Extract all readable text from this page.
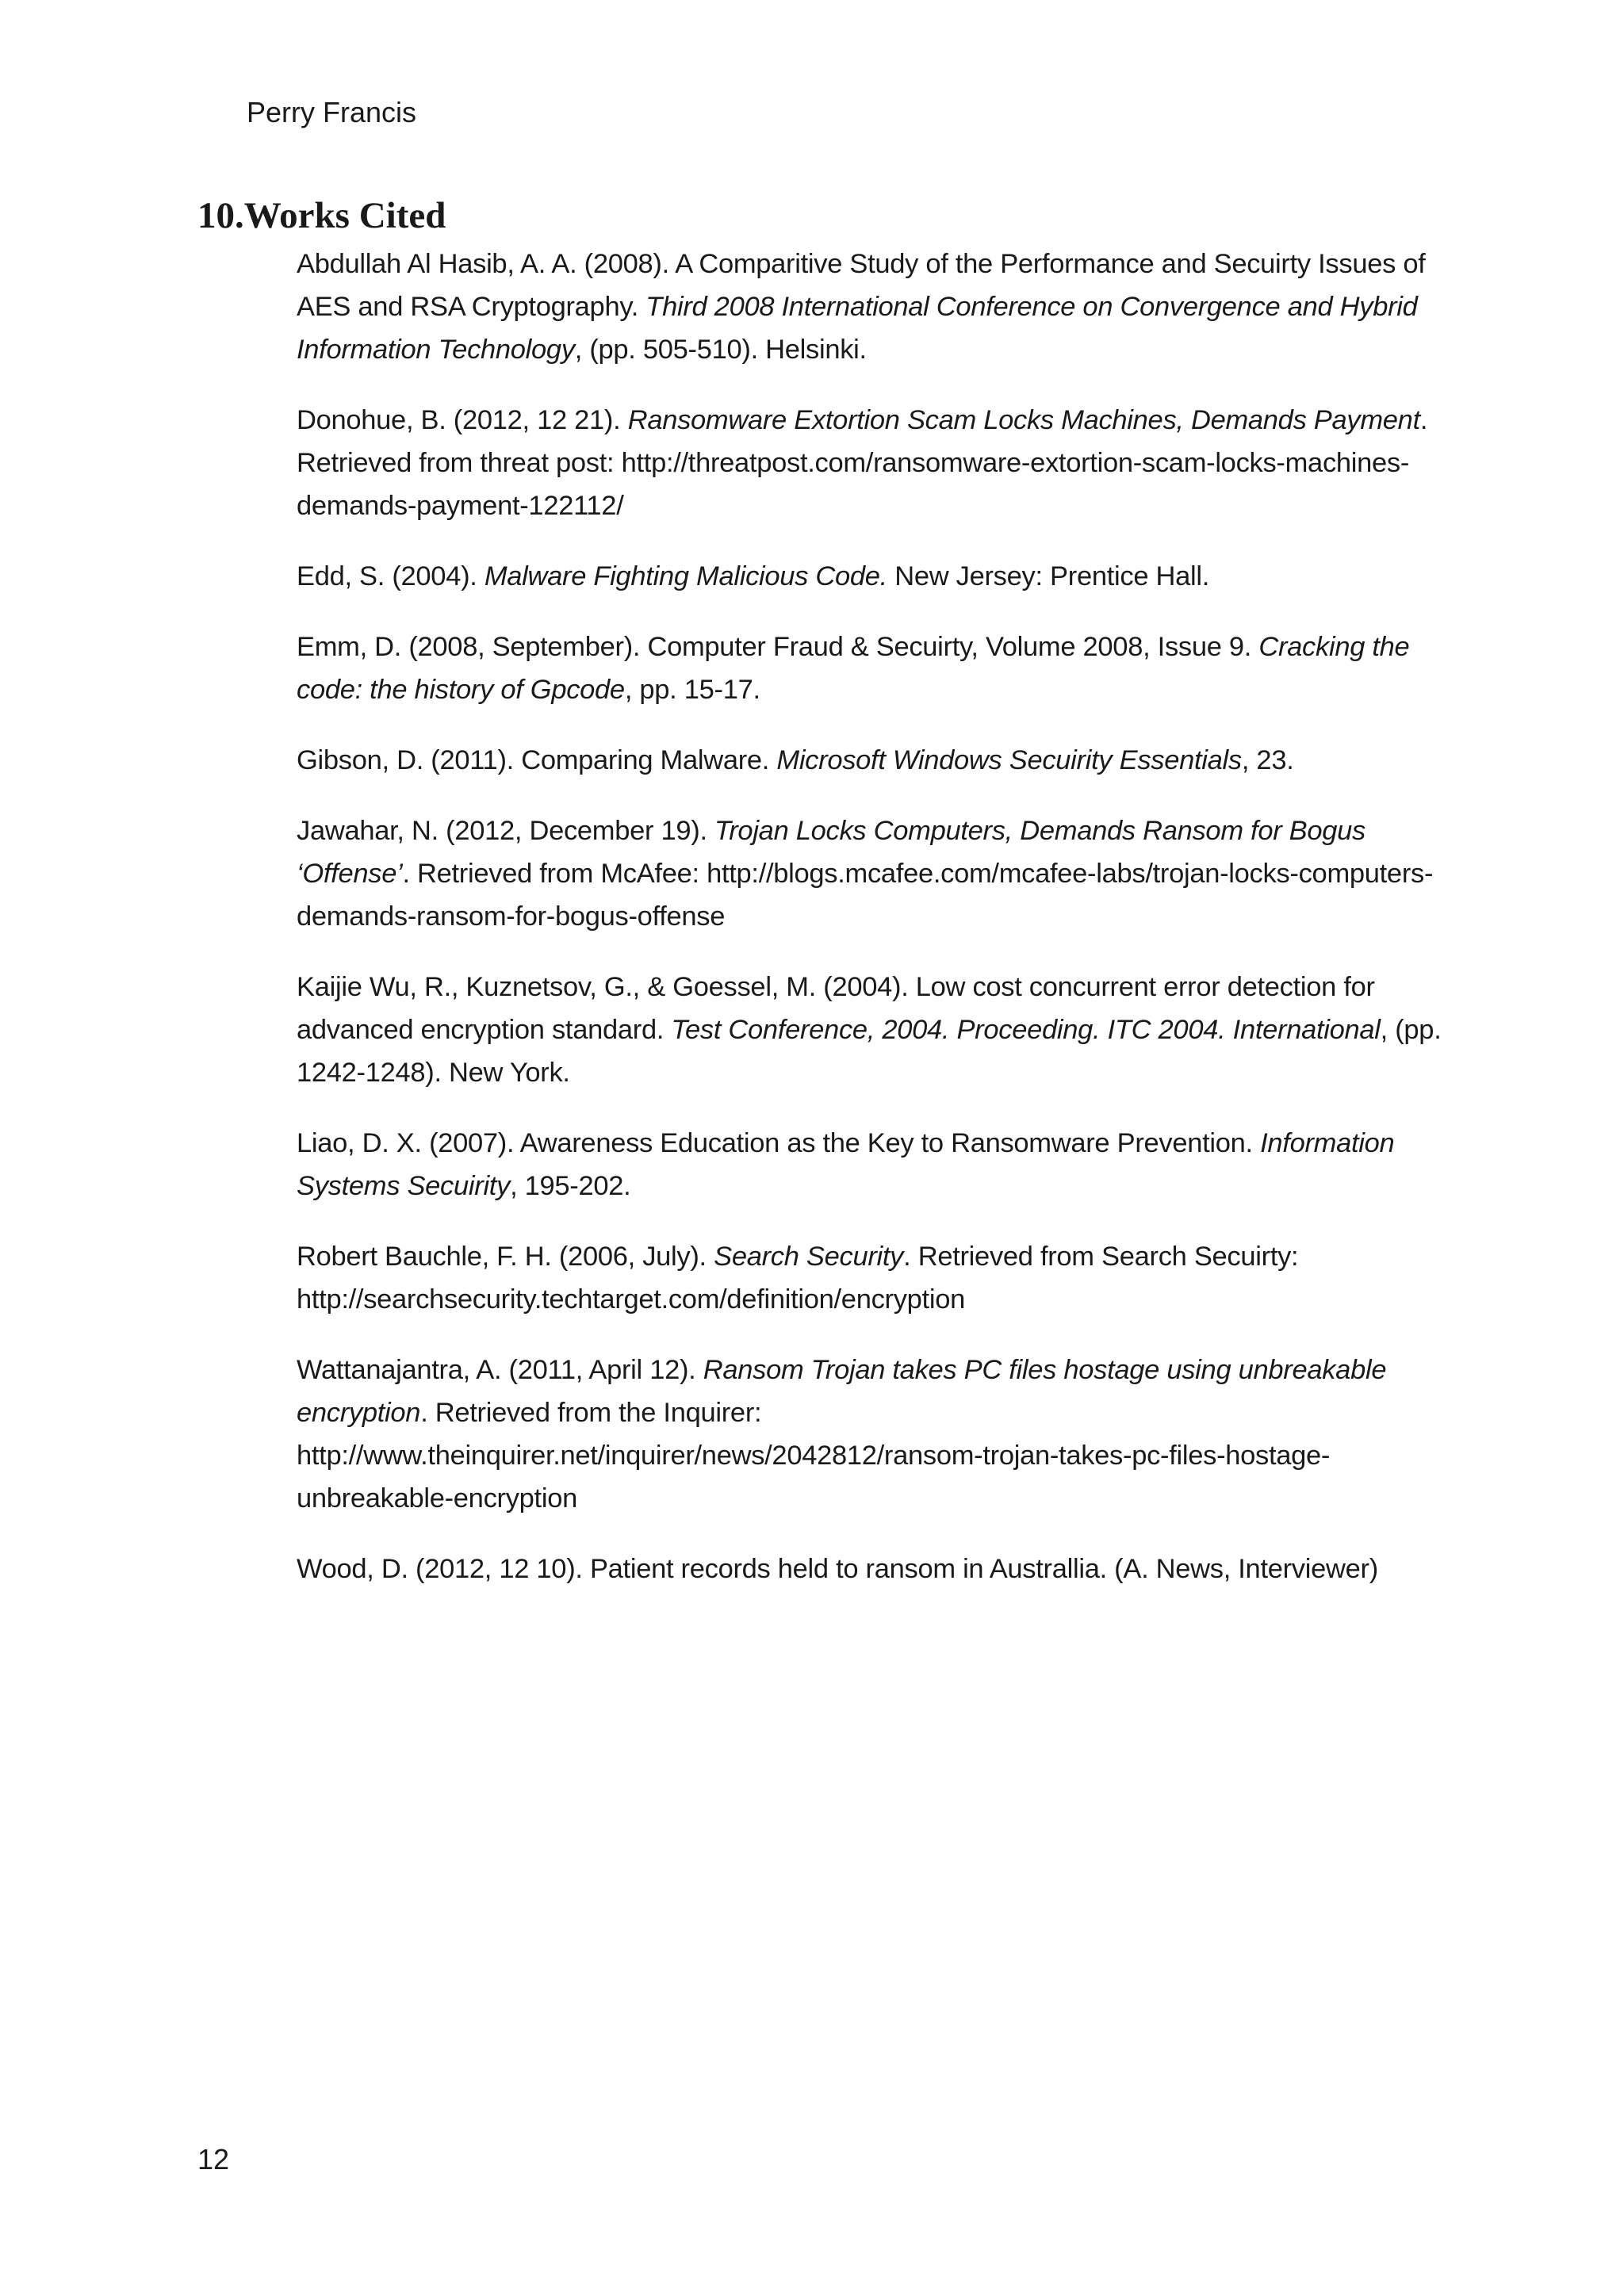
Perry Francis
10.Works Cited

Abdullah Al Hasib, A. A. (2008). A Comparitive Study of the Performance and Secuirty Issues of AES and RSA Cryptography. Third 2008 International Conference on Convergence and Hybrid Information Technology, (pp. 505-510). Helsinki.

Donohue, B. (2012, 12 21). Ransomware Extortion Scam Locks Machines, Demands Payment. Retrieved from threat post: http://threatpost.com/ransomware-extortion-scam-locks-machines-demands-payment-122112/

Edd, S. (2004). Malware Fighting Malicious Code. New Jersey: Prentice Hall.

Emm, D. (2008, September). Computer Fraud & Secuirty, Volume 2008, Issue 9. Cracking the code: the history of Gpcode, pp. 15-17.

Gibson, D. (2011). Comparing Malware. Microsoft Windows Secuirity Essentials, 23.

Jawahar, N. (2012, December 19). Trojan Locks Computers, Demands Ransom for Bogus ‘Offense’. Retrieved from McAfee: http://blogs.mcafee.com/mcafee-labs/trojan-locks-computers-demands-ransom-for-bogus-offense

Kaijie Wu, R., Kuznetsov, G., & Goessel, M. (2004). Low cost concurrent error detection for advanced encryption standard. Test Conference, 2004. Proceeding. ITC 2004. International, (pp. 1242-1248). New York.

Liao, D. X. (2007). Awareness Education as the Key to Ransomware Prevention. Information Systems Secuirity, 195-202.

Robert Bauchle, F. H. (2006, July). Search Security. Retrieved from Search Secuirty: http://searchsecurity.techtarget.com/definition/encryption

Wattanajantra, A. (2011, April 12). Ransom Trojan takes PC files hostage using unbreakable encryption. Retrieved from the Inquirer: http://www.theinquirer.net/inquirer/news/2042812/ransom-trojan-takes-pc-files-hostage-unbreakable-encryption

Wood, D. (2012, 12 10). Patient records held to ransom in Australlia. (A. News, Interviewer)

12
